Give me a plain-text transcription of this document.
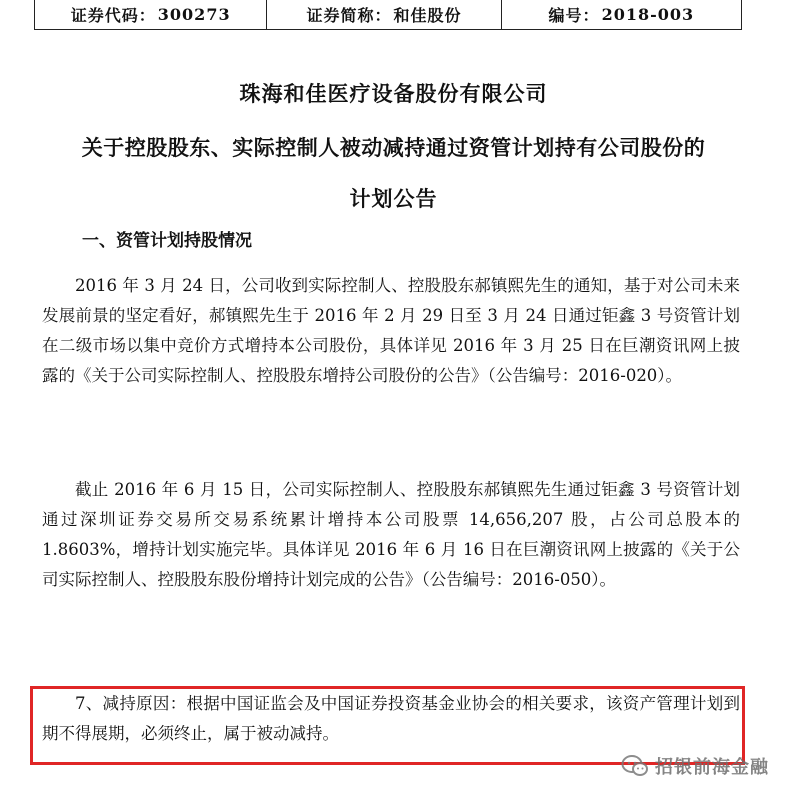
证券代码： 300273	证券简称： 和佳股份	编号： 2018-003
珠海和佳医疗设备股份有限公司
关于控股股东、实际控制人被动减持通过资管计划持有公司股份的
计划公告
一、资管计划持股情况

2016 年 3 月 24 日，公司收到实际控制人、控股股东郝镇熙先生的通知，基于对公司未来发展前景的坚定看好，郝镇熙先生于 2016 年 2 月 29 日至 3 月 24 日通过钜鑫 3 号资管计划在二级市场以集中竞价方式增持本公司股份，具体详见 2016 年 3 月 25 日在巨潮资讯网上披露的《关于公司实际控制人、控股股东增持公司股份的公告》（公告编号：2016-020）。

截止 2016 年 6 月 15 日，公司实际控制人、控股股东郝镇熙先生通过钜鑫 3 号资管计划通过深圳证券交易所交易系统累计增持本公司股票 14,656,207 股，占公司总股本的 1.8603%，增持计划实施完毕。具体详见 2016 年 6 月 16 日在巨潮资讯网上披露的《关于公司实际控制人、控股股东股份增持计划完成的公告》（公告编号：2016-050）。

7、减持原因：根据中国证监会及中国证券投资基金业协会的相关要求，该资产管理计划到期不得展期，必须终止，属于被动减持。

招银前海金融
